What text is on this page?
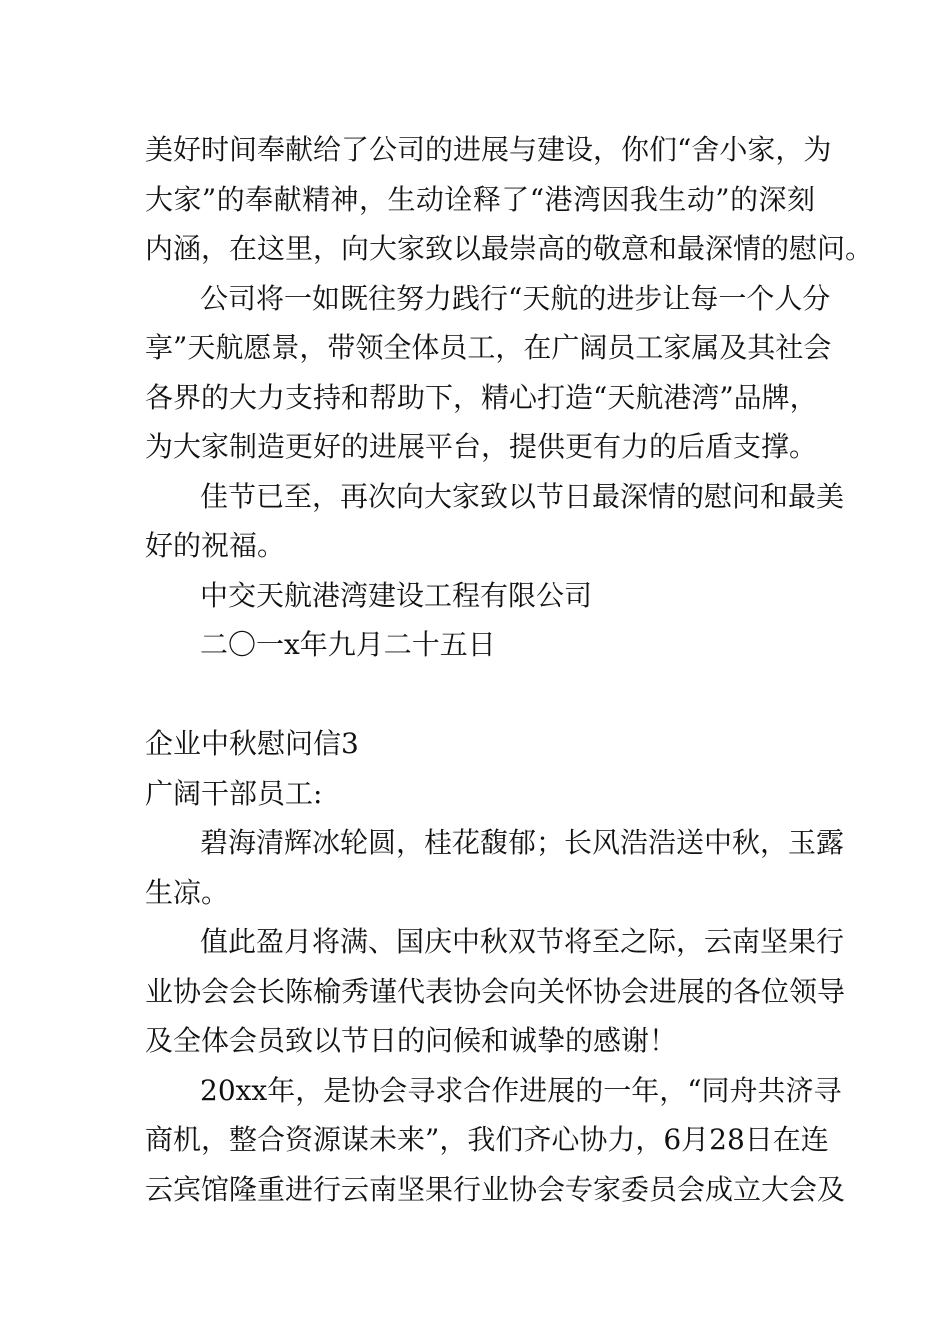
美好时间奉献给了公司的进展与建设，你们“舍小家，为
大家”的奉献精神，生动诠释了“港湾因我生动”的深刻
内涵，在这里，向大家致以最崇高的敬意和最深情的慰问。
公司将一如既往努力践行“天航的进步让每一个人分
享”天航愿景，带领全体员工，在广阔员工家属及其社会
各界的大力支持和帮助下，精心打造“天航港湾”品牌，
为大家制造更好的进展平台，提供更有力的后盾支撑。
佳节已至，再次向大家致以节日最深情的慰问和最美
好的祝福。
中交天航港湾建设工程有限公司
二〇一x年九月二十五日
企业中秋慰问信3
广阔干部员工:
碧海清辉冰轮圆，桂花馥郁；长风浩浩送中秋，玉露
生凉。
值此盈月将满、国庆中秋双节将至之际，云南坚果行
业协会会长陈榆秀谨代表协会向关怀协会进展的各位领导
及全体会员致以节日的问候和诚挚的感谢！
20xx年，是协会寻求合作进展的一年，“同舟共济寻
商机，整合资源谋未来”，我们齐心协力，6月28日在连
云宾馆隆重进行云南坚果行业协会专家委员会成立大会及
